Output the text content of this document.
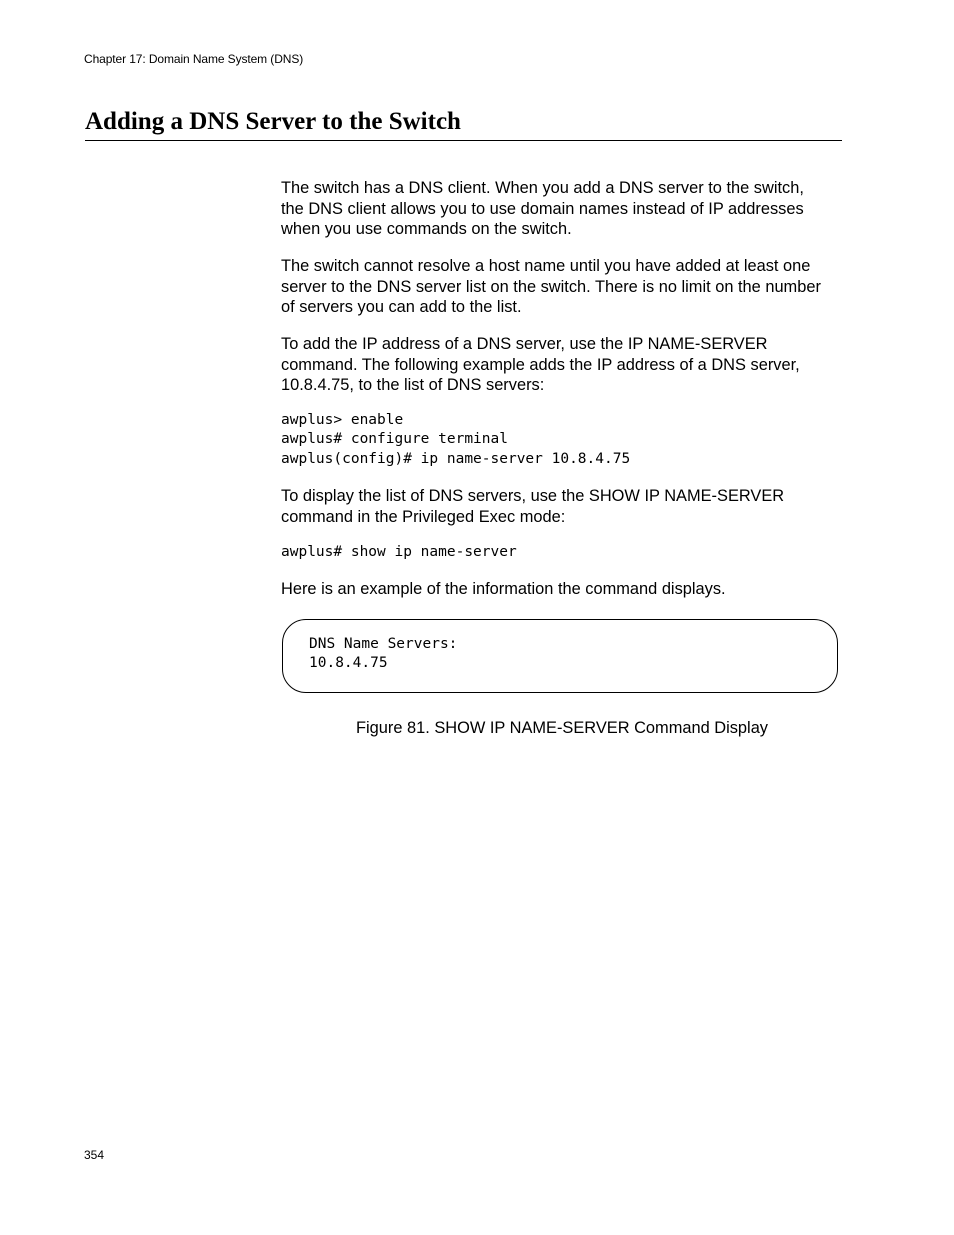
Chapter 17: Domain Name System (DNS)
Adding a DNS Server to the Switch

The switch has a DNS client. When you add a DNS server to the switch,
the DNS client allows you to use domain names instead of IP addresses
when you use commands on the switch.

The switch cannot resolve a host name until you have added at least one
server to the DNS server list on the switch. There is no limit on the number
of servers you can add to the list.

To add the IP address of a DNS server, use the IP NAME-SERVER
command. The following example adds the IP address of a DNS server,
10.8.4.75, to the list of DNS servers:

awplus> enable
awplus# configure terminal
awplus(config)# ip name-server 10.8.4.75

To display the list of DNS servers, use the SHOW IP NAME-SERVER
command in the Privileged Exec mode:

awplus# show ip name-server

Here is an example of the information the command displays.

DNS Name Servers:
10.8.4.75
Figure 81. SHOW IP NAME-SERVER Command Display
354
